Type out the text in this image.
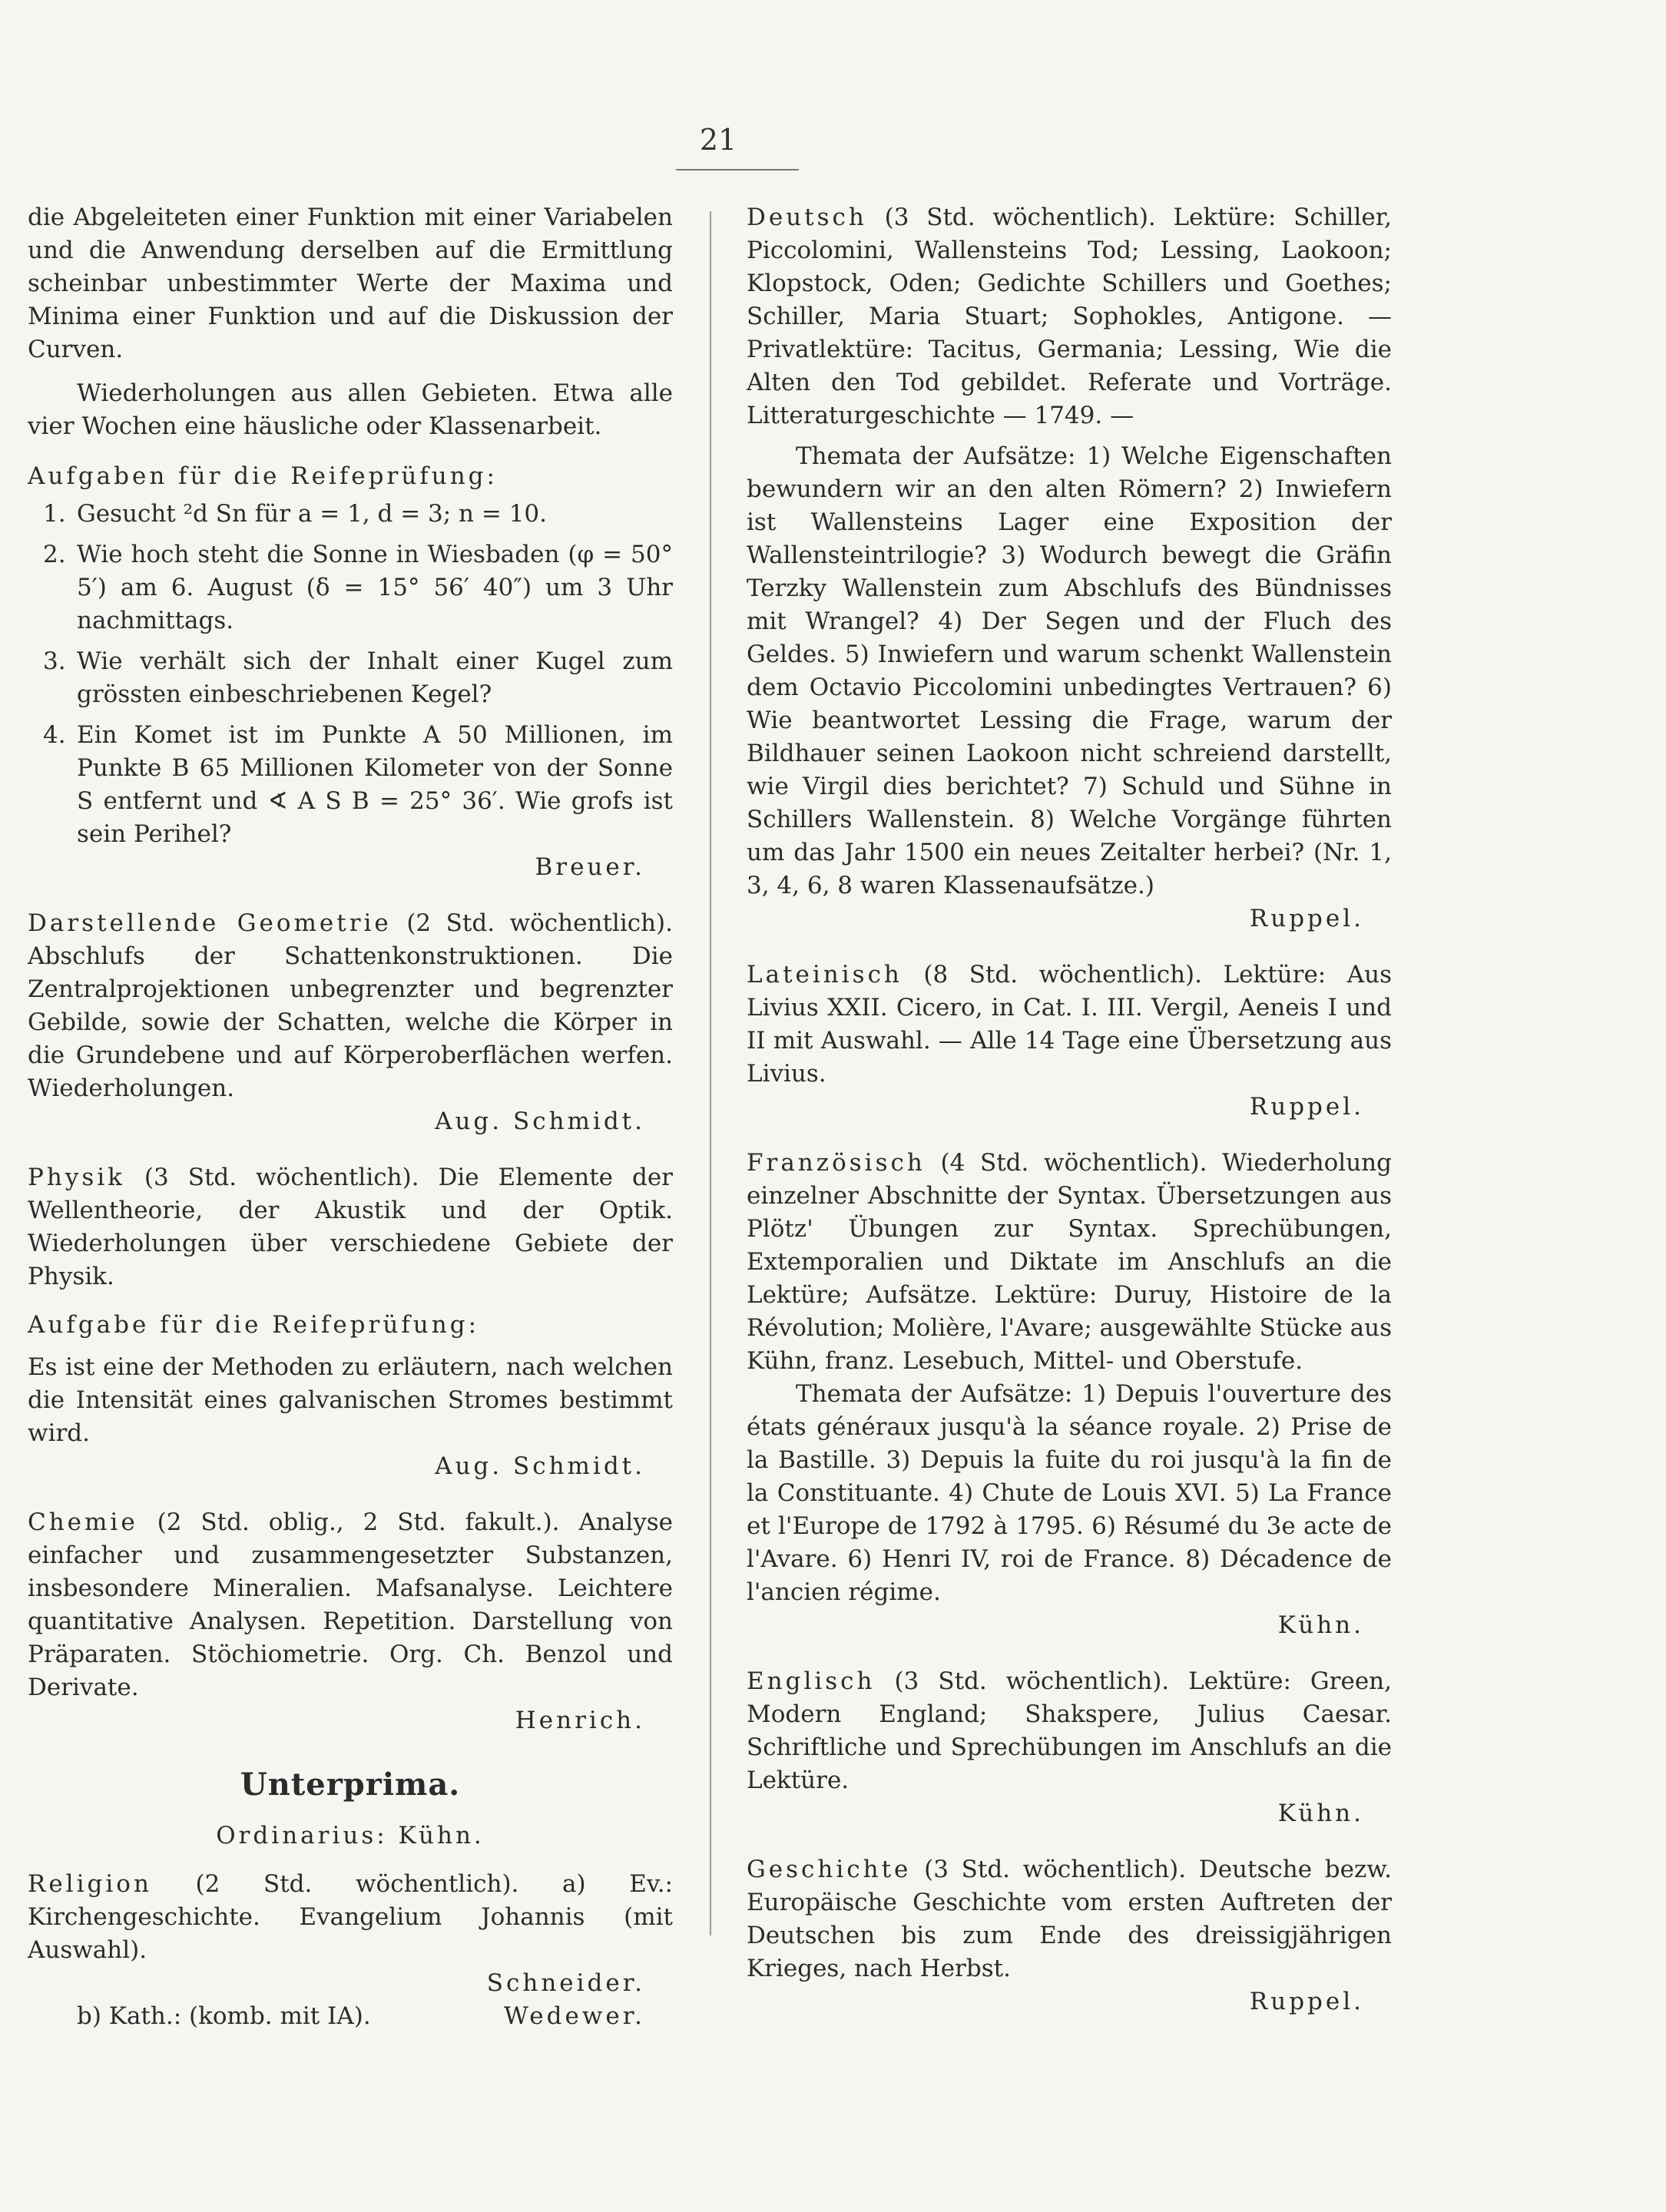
21

die Abgeleiteten einer Funktion mit einer Variabelen und die Anwendung derselben auf die Ermittlung scheinbar unbestimmter Werte der Maxima und Minima einer Funktion und auf die Diskussion der Curven.

Wiederholungen aus allen Gebieten. Etwa alle vier Wochen eine häusliche oder Klassenarbeit.

Aufgaben für die Reifeprüfung:
1. Gesucht ²d Sn für a = 1, d = 3; n = 10.
2. Wie hoch steht die Sonne in Wiesbaden (φ = 50° 5′) am 6. August (δ = 15° 56′ 40″) um 3 Uhr nachmittags.
3. Wie verhält sich der Inhalt einer Kugel zum grössten einbeschriebenen Kegel?
4. Ein Komet ist im Punkte A 50 Millionen, im Punkte B 65 Millionen Kilometer von der Sonne S entfernt und ∢ A S B = 25° 36′. Wie grofs ist sein Perihel?
Breuer.

Darstellende Geometrie (2 Std. wöchentlich). Abschlufs der Schattenkonstruktionen. Die Zentralprojektionen unbegrenzter und begrenzter Gebilde, sowie der Schatten, welche die Körper in die Grundebene und auf Körperoberflächen werfen. Wiederholungen.
Aug. Schmidt.

Physik (3 Std. wöchentlich). Die Elemente der Wellentheorie, der Akustik und der Optik. Wiederholungen über verschiedene Gebiete der Physik.

Aufgabe für die Reifeprüfung:

Es ist eine der Methoden zu erläutern, nach welchen die Intensität eines galvanischen Stromes bestimmt wird.
Aug. Schmidt.

Chemie (2 Std. oblig., 2 Std. fakult.). Analyse einfacher und zusammengesetzter Substanzen, insbesondere Mineralien. Mafsanalyse. Leichtere quantitative Analysen. Repetition. Darstellung von Präparaten. Stöchiometrie. Org. Ch. Benzol und Derivate.
Henrich.

Unterprima.
Ordinarius: Kühn.

Religion (2 Std. wöchentlich). a) Ev.: Kirchengeschichte. Evangelium Johannis (mit Auswahl).
Schneider.

b) Kath.: (komb. mit IA).	Wedewer.

Deutsch (3 Std. wöchentlich). Lektüre: Schiller, Piccolomini, Wallensteins Tod; Lessing, Laokoon; Klopstock, Oden; Gedichte Schillers und Goethes; Schiller, Maria Stuart; Sophokles, Antigone. — Privatlektüre: Tacitus, Germania; Lessing, Wie die Alten den Tod gebildet. Referate und Vorträge. Litteraturgeschichte — 1749. —

Themata der Aufsätze: 1) Welche Eigenschaften bewundern wir an den alten Römern? 2) Inwiefern ist Wallensteins Lager eine Exposition der Wallensteintrilogie? 3) Wodurch bewegt die Gräfin Terzky Wallenstein zum Abschlufs des Bündnisses mit Wrangel? 4) Der Segen und der Fluch des Geldes. 5) Inwiefern und warum schenkt Wallenstein dem Octavio Piccolomini unbedingtes Vertrauen? 6) Wie beantwortet Lessing die Frage, warum der Bildhauer seinen Laokoon nicht schreiend darstellt, wie Virgil dies berichtet? 7) Schuld und Sühne in Schillers Wallenstein. 8) Welche Vorgänge führten um das Jahr 1500 ein neues Zeitalter herbei? (Nr. 1, 3, 4, 6, 8 waren Klassenaufsätze.)
Ruppel.

Lateinisch (8 Std. wöchentlich). Lektüre: Aus Livius XXII. Cicero, in Cat. I. III. Vergil, Aeneis I und II mit Auswahl. — Alle 14 Tage eine Übersetzung aus Livius.
Ruppel.

Französisch (4 Std. wöchentlich). Wiederholung einzelner Abschnitte der Syntax. Übersetzungen aus Plötz' Übungen zur Syntax. Sprechübungen, Extemporalien und Diktate im Anschlufs an die Lektüre; Aufsätze. Lektüre: Duruy, Histoire de la Révolution; Molière, l'Avare; ausgewählte Stücke aus Kühn, franz. Lesebuch, Mittel- und Oberstufe.

Themata der Aufsätze: 1) Depuis l'ouverture des états généraux jusqu'à la séance royale. 2) Prise de la Bastille. 3) Depuis la fuite du roi jusqu'à la fin de la Constituante. 4) Chute de Louis XVI. 5) La France et l'Europe de 1792 à 1795. 6) Résumé du 3e acte de l'Avare. 6) Henri IV, roi de France. 8) Décadence de l'ancien régime.
Kühn.

Englisch (3 Std. wöchentlich). Lektüre: Green, Modern England; Shakspere, Julius Caesar. Schriftliche und Sprechübungen im Anschlufs an die Lektüre.
Kühn.

Geschichte (3 Std. wöchentlich). Deutsche bezw. Europäische Geschichte vom ersten Auftreten der Deutschen bis zum Ende des dreissigjährigen Krieges, nach Herbst.
Ruppel.
